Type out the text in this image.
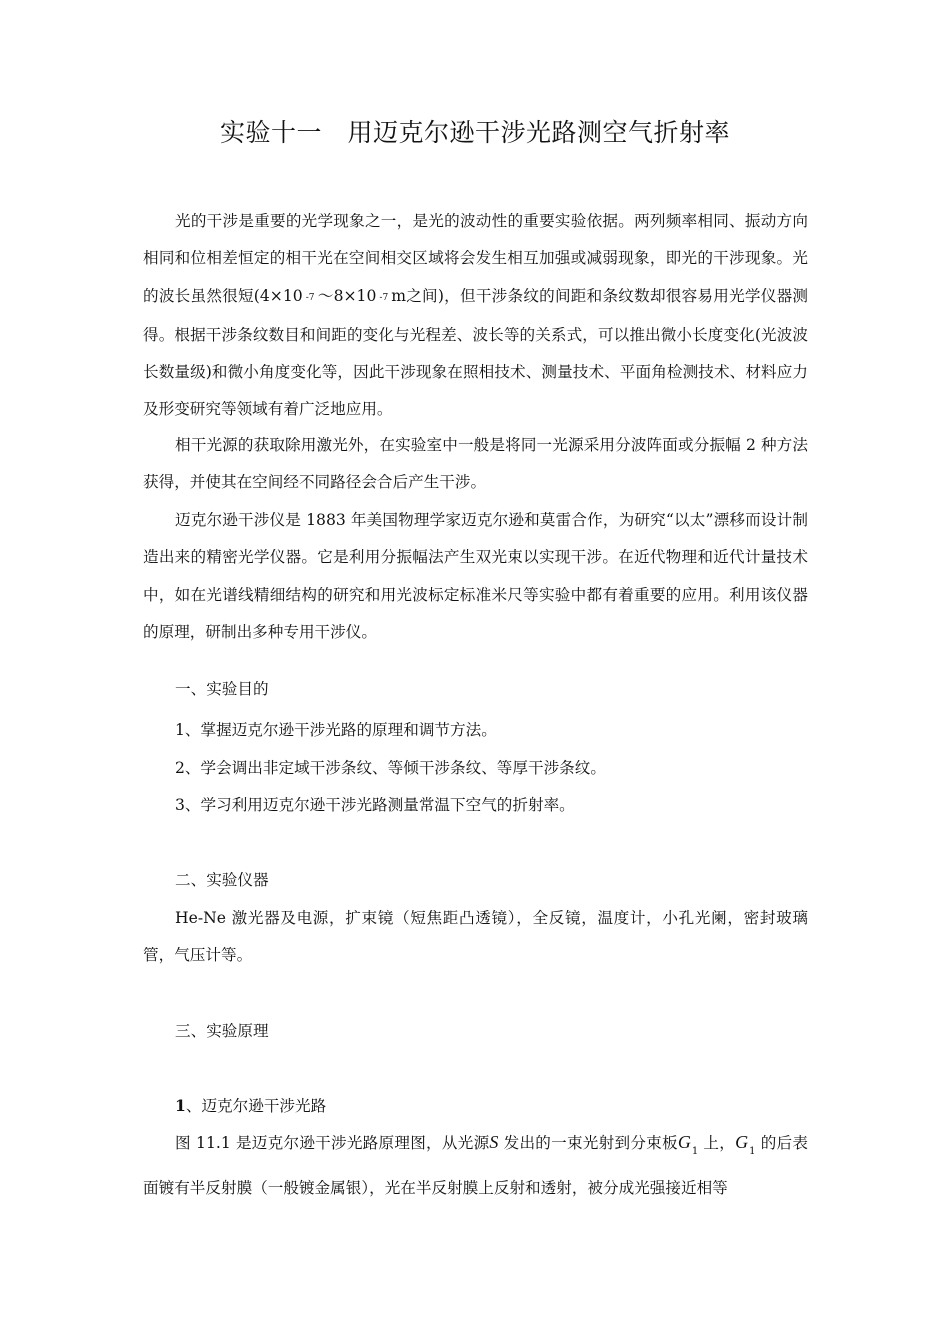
实验十一　用迈克尔逊干涉光路测空气折射率

光的干涉是重要的光学现象之一，是光的波动性的重要实验依据。两列频率相同、振动方向相同和位相差恒定的相干光在空间相交区域将会发生相互加强或减弱现象，即光的干涉现象。光的波长虽然很短(4×10 $^{-7}$ ～8×10 $^{-7}$ m之间)，但干涉条纹的间距和条纹数却很容易用光学仪器测得。根据干涉条纹数目和间距的变化与光程差、波长等的关系式，可以推出微小长度变化(光波波长数量级)和微小角度变化等，因此干涉现象在照相技术、测量技术、平面角检测技术、材料应力及形变研究等领域有着广泛地应用。

相干光源的获取除用激光外，在实验室中一般是将同一光源采用分波阵面或分振幅 2 种方法获得，并使其在空间经不同路径会合后产生干涉。

迈克尔逊干涉仪是 1883 年美国物理学家迈克尔逊和莫雷合作，为研究“以太”漂移而设计制造出来的精密光学仪器。它是利用分振幅法产生双光束以实现干涉。在近代物理和近代计量技术中，如在光谱线精细结构的研究和用光波标定标准米尺等实验中都有着重要的应用。利用该仪器的原理，研制出多种专用干涉仪。

一、实验目的
1、掌握迈克尔逊干涉光路的原理和调节方法。
2、学会调出非定域干涉条纹、等倾干涉条纹、等厚干涉条纹。
3、学习利用迈克尔逊干涉光路测量常温下空气的折射率。
二、实验仪器

He-Ne 激光器及电源，扩束镜（短焦距凸透镜），全反镜，温度计，小孔光阑，密封玻璃管，气压计等。

三、实验原理
1、迈克尔逊干涉光路

图 11.1 是迈克尔逊干涉光路原理图，从光源S 发出的一束光射到分束板$G_1$ 上，$G_1$ 的后表面镀有半反射膜（一般镀金属银），光在半反射膜上反射和透射，被分成光强接近相等
